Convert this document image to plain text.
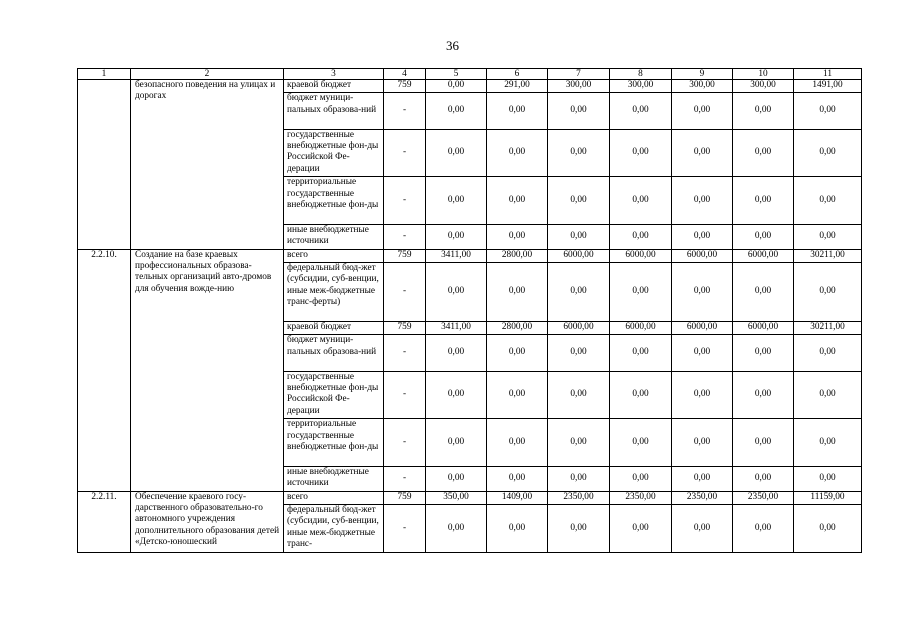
36
1	2	3	4	5	6	7	8	9	10	11
	безопасного поведения на улицах и дорогах	краевой бюджет	759	0,00	291,00	300,00	300,00	300,00	300,00	1491,00
		бюджет муници-пальных образова-ний	-	0,00	0,00	0,00	0,00	0,00	0,00	0,00
		государственные внебюджетные фон-ды Российской Фе-дерации	-	0,00	0,00	0,00	0,00	0,00	0,00	0,00
		территориальные государственные внебюджетные фон-ды	-	0,00	0,00	0,00	0,00	0,00	0,00	0,00
		иные внебюджетные источники	-	0,00	0,00	0,00	0,00	0,00	0,00	0,00
2.2.10.	Создание на базе краевых профессиональных образова-тельных организаций авто-дромов для обучения вожде-нию	всего	759	3411,00	2800,00	6000,00	6000,00	6000,00	6000,00	30211,00
		федеральный бюд-жет (субсидии, суб-венции, иные меж-бюджетные транс-ферты)	-	0,00	0,00	0,00	0,00	0,00	0,00	0,00
		краевой бюджет	759	3411,00	2800,00	6000,00	6000,00	6000,00	6000,00	30211,00
		бюджет муници-пальных образова-ний	-	0,00	0,00	0,00	0,00	0,00	0,00	0,00
		государственные внебюджетные фон-ды Российской Фе-дерации	-	0,00	0,00	0,00	0,00	0,00	0,00	0,00
		территориальные государственные внебюджетные фон-ды	-	0,00	0,00	0,00	0,00	0,00	0,00	0,00
		иные внебюджетные источники	-	0,00	0,00	0,00	0,00	0,00	0,00	0,00
2.2.11.	Обеспечение краевого госу-дарственного образовательно-го автономного учреждения дополнительного образования детей «Детско-юношеский	всего	759	350,00	1409,00	2350,00	2350,00	2350,00	2350,00	11159,00
		федеральный бюд-жет (субсидии, суб-венции, иные меж-бюджетные транс-	-	0,00	0,00	0,00	0,00	0,00	0,00	0,00
